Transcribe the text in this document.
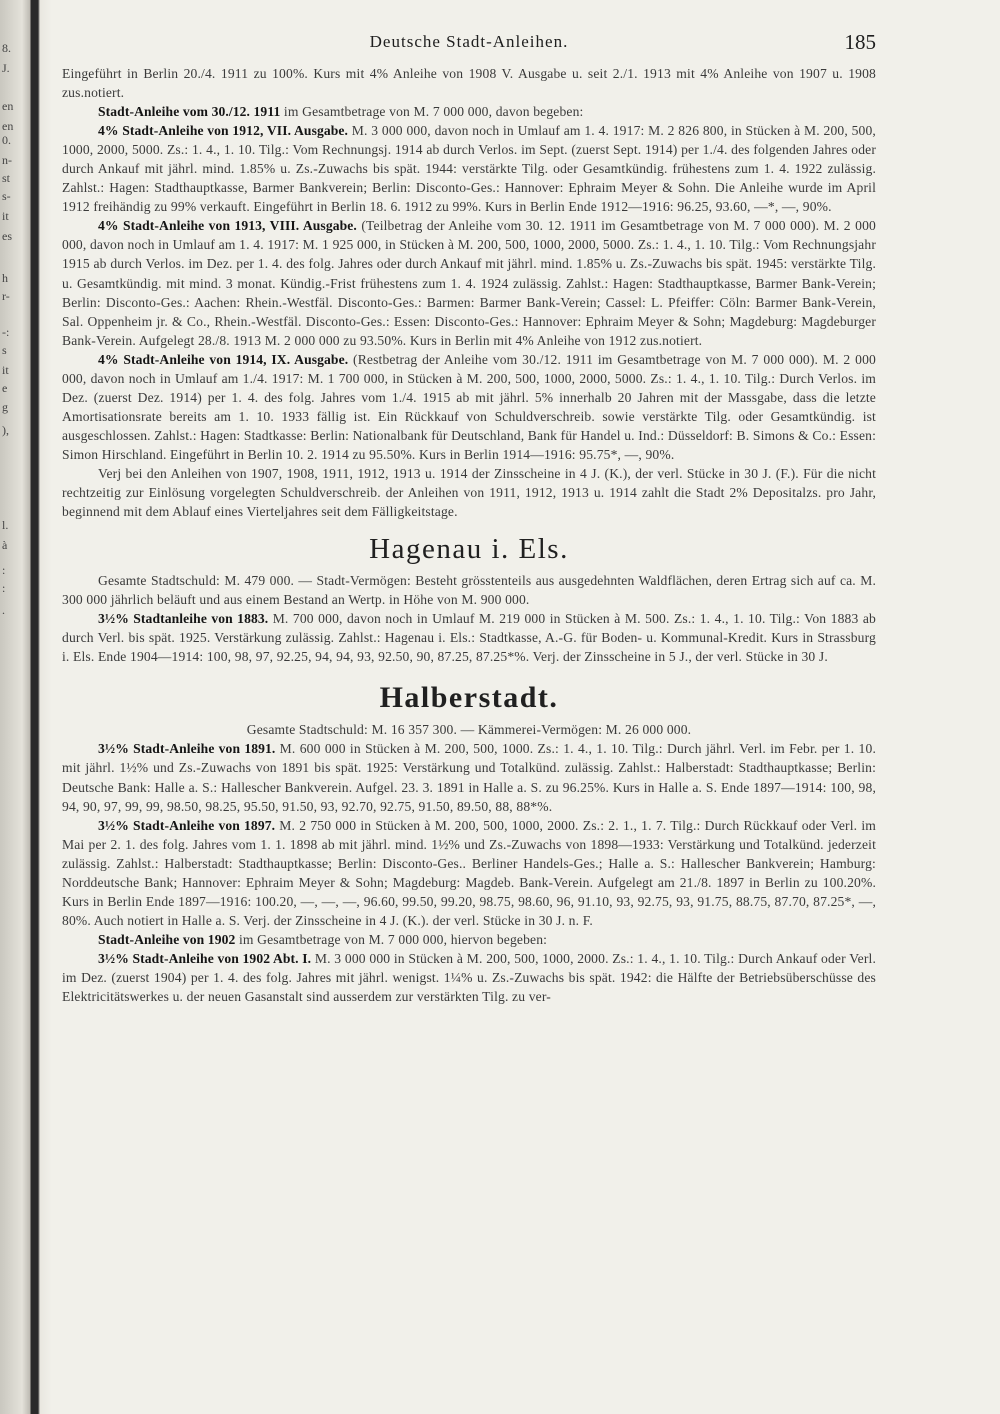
8.
J.
en
en
0.
n-
st
s-
it
es
h
r-
-:
s
it
e
g
),
l.
à
:
:
.
Deutsche Stadt-Anleihen.	185

Eingeführt in Berlin 20./4. 1911 zu 100%. Kurs mit 4% Anleihe von 1908 V. Ausgabe u. seit 2./1. 1913 mit 4% Anleihe von 1907 u. 1908 zus.notiert.

Stadt-Anleihe vom 30./12. 1911 im Gesamtbetrage von M. 7 000 000, davon begeben:

4% Stadt-Anleihe von 1912, VII. Ausgabe. M. 3 000 000, davon noch in Umlauf am 1. 4. 1917: M. 2 826 800, in Stücken à M. 200, 500, 1000, 2000, 5000. Zs.: 1. 4., 1. 10. Tilg.: Vom Rechnungsj. 1914 ab durch Verlos. im Sept. (zuerst Sept. 1914) per 1./4. des folgenden Jahres oder durch Ankauf mit jährl. mind. 1.85% u. Zs.-Zuwachs bis spät. 1944: verstärkte Tilg. oder Gesamtkündig. frühestens zum 1. 4. 1922 zulässig. Zahlst.: Hagen: Stadthauptkasse, Barmer Bankverein; Berlin: Disconto-Ges.: Hannover: Ephraim Meyer & Sohn. Die Anleihe wurde im April 1912 freihändig zu 99% verkauft. Eingeführt in Berlin 18. 6. 1912 zu 99%. Kurs in Berlin Ende 1912—1916: 96.25, 93.60, —*, —, 90%.

4% Stadt-Anleihe von 1913, VIII. Ausgabe. (Teilbetrag der Anleihe vom 30. 12. 1911 im Gesamtbetrage von M. 7 000 000). M. 2 000 000, davon noch in Umlauf am 1. 4. 1917: M. 1 925 000, in Stücken à M. 200, 500, 1000, 2000, 5000. Zs.: 1. 4., 1. 10. Tilg.: Vom Rechnungsjahr 1915 ab durch Verlos. im Dez. per 1. 4. des folg. Jahres oder durch Ankauf mit jährl. mind. 1.85% u. Zs.-Zuwachs bis spät. 1945: verstärkte Tilg. u. Gesamtkündig. mit mind. 3 monat. Kündig.-Frist frühestens zum 1. 4. 1924 zulässig. Zahlst.: Hagen: Stadthauptkasse, Barmer Bank-Verein; Berlin: Disconto-Ges.: Aachen: Rhein.-Westfäl. Disconto-Ges.: Barmen: Barmer Bank-Verein; Cassel: L. Pfeiffer: Cöln: Barmer Bank-Verein, Sal. Oppenheim jr. & Co., Rhein.-Westfäl. Disconto-Ges.: Essen: Disconto-Ges.: Hannover: Ephraim Meyer & Sohn; Magdeburg: Magdeburger Bank-Verein. Aufgelegt 28./8. 1913 M. 2 000 000 zu 93.50%. Kurs in Berlin mit 4% Anleihe von 1912 zus.notiert.

4% Stadt-Anleihe von 1914, IX. Ausgabe. (Restbetrag der Anleihe vom 30./12. 1911 im Gesamtbetrage von M. 7 000 000). M. 2 000 000, davon noch in Umlauf am 1./4. 1917: M. 1 700 000, in Stücken à M. 200, 500, 1000, 2000, 5000. Zs.: 1. 4., 1. 10. Tilg.: Durch Verlos. im Dez. (zuerst Dez. 1914) per 1. 4. des folg. Jahres vom 1./4. 1915 ab mit jährl. 5% innerhalb 20 Jahren mit der Massgabe, dass die letzte Amortisationsrate bereits am 1. 10. 1933 fällig ist. Ein Rückkauf von Schuldverschreib. sowie verstärkte Tilg. oder Gesamtkündig. ist ausgeschlossen. Zahlst.: Hagen: Stadtkasse: Berlin: Nationalbank für Deutschland, Bank für Handel u. Ind.: Düsseldorf: B. Simons & Co.: Essen: Simon Hirschland. Eingeführt in Berlin 10. 2. 1914 zu 95.50%. Kurs in Berlin 1914—1916: 95.75*, —, 90%.

Verj bei den Anleihen von 1907, 1908, 1911, 1912, 1913 u. 1914 der Zinsscheine in 4 J. (K.), der verl. Stücke in 30 J. (F.). Für die nicht rechtzeitig zur Einlösung vorgelegten Schuldverschreib. der Anleihen von 1911, 1912, 1913 u. 1914 zahlt die Stadt 2% Depositalzs. pro Jahr, beginnend mit dem Ablauf eines Vierteljahres seit dem Fälligkeitstage.

Hagenau i. Els.

Gesamte Stadtschuld: M. 479 000. — Stadt-Vermögen: Besteht grösstenteils aus ausgedehnten Waldflächen, deren Ertrag sich auf ca. M. 300 000 jährlich beläuft und aus einem Bestand an Wertp. in Höhe von M. 900 000.

3½% Stadtanleihe von 1883. M. 700 000, davon noch in Umlauf M. 219 000 in Stücken à M. 500. Zs.: 1. 4., 1. 10. Tilg.: Von 1883 ab durch Verl. bis spät. 1925. Verstärkung zulässig. Zahlst.: Hagenau i. Els.: Stadtkasse, A.-G. für Boden- u. Kommunal-Kredit. Kurs in Strassburg i. Els. Ende 1904—1914: 100, 98, 97, 92.25, 94, 94, 93, 92.50, 90, 87.25, 87.25*%. Verj. der Zinsscheine in 5 J., der verl. Stücke in 30 J.

Halberstadt.

Gesamte Stadtschuld: M. 16 357 300. — Kämmerei-Vermögen: M. 26 000 000.

3½% Stadt-Anleihe von 1891. M. 600 000 in Stücken à M. 200, 500, 1000. Zs.: 1. 4., 1. 10. Tilg.: Durch jährl. Verl. im Febr. per 1. 10. mit jährl. 1½% und Zs.-Zuwachs von 1891 bis spät. 1925: Verstärkung und Totalkünd. zulässig. Zahlst.: Halberstadt: Stadthauptkasse; Berlin: Deutsche Bank: Halle a. S.: Hallescher Bankverein. Aufgel. 23. 3. 1891 in Halle a. S. zu 96.25%. Kurs in Halle a. S. Ende 1897—1914: 100, 98, 94, 90, 97, 99, 99, 98.50, 98.25, 95.50, 91.50, 93, 92.70, 92.75, 91.50, 89.50, 88, 88*%.

3½% Stadt-Anleihe von 1897. M. 2 750 000 in Stücken à M. 200, 500, 1000, 2000. Zs.: 2. 1., 1. 7. Tilg.: Durch Rückkauf oder Verl. im Mai per 2. 1. des folg. Jahres vom 1. 1. 1898 ab mit jährl. mind. 1½% und Zs.-Zuwachs von 1898—1933: Verstärkung und Totalkünd. jederzeit zulässig. Zahlst.: Halberstadt: Stadthauptkasse; Berlin: Disconto-Ges.. Berliner Handels-Ges.; Halle a. S.: Hallescher Bankverein; Hamburg: Norddeutsche Bank; Hannover: Ephraim Meyer & Sohn; Magdeburg: Magdeb. Bank-Verein. Aufgelegt am 21./8. 1897 in Berlin zu 100.20%. Kurs in Berlin Ende 1897—1916: 100.20, —, —, —, 96.60, 99.50, 99.20, 98.75, 98.60, 96, 91.10, 93, 92.75, 93, 91.75, 88.75, 87.70, 87.25*, —, 80%. Auch notiert in Halle a. S. Verj. der Zinsscheine in 4 J. (K.). der verl. Stücke in 30 J. n. F.

Stadt-Anleihe von 1902 im Gesamtbetrage von M. 7 000 000, hiervon begeben:

3½% Stadt-Anleihe von 1902 Abt. I. M. 3 000 000 in Stücken à M. 200, 500, 1000, 2000. Zs.: 1. 4., 1. 10. Tilg.: Durch Ankauf oder Verl. im Dez. (zuerst 1904) per 1. 4. des folg. Jahres mit jährl. wenigst. 1¼% u. Zs.-Zuwachs bis spät. 1942: die Hälfte der Betriebsüberschüsse des Elektricitätswerkes u. der neuen Gasanstalt sind ausserdem zur verstärkten Tilg. zu ver-
